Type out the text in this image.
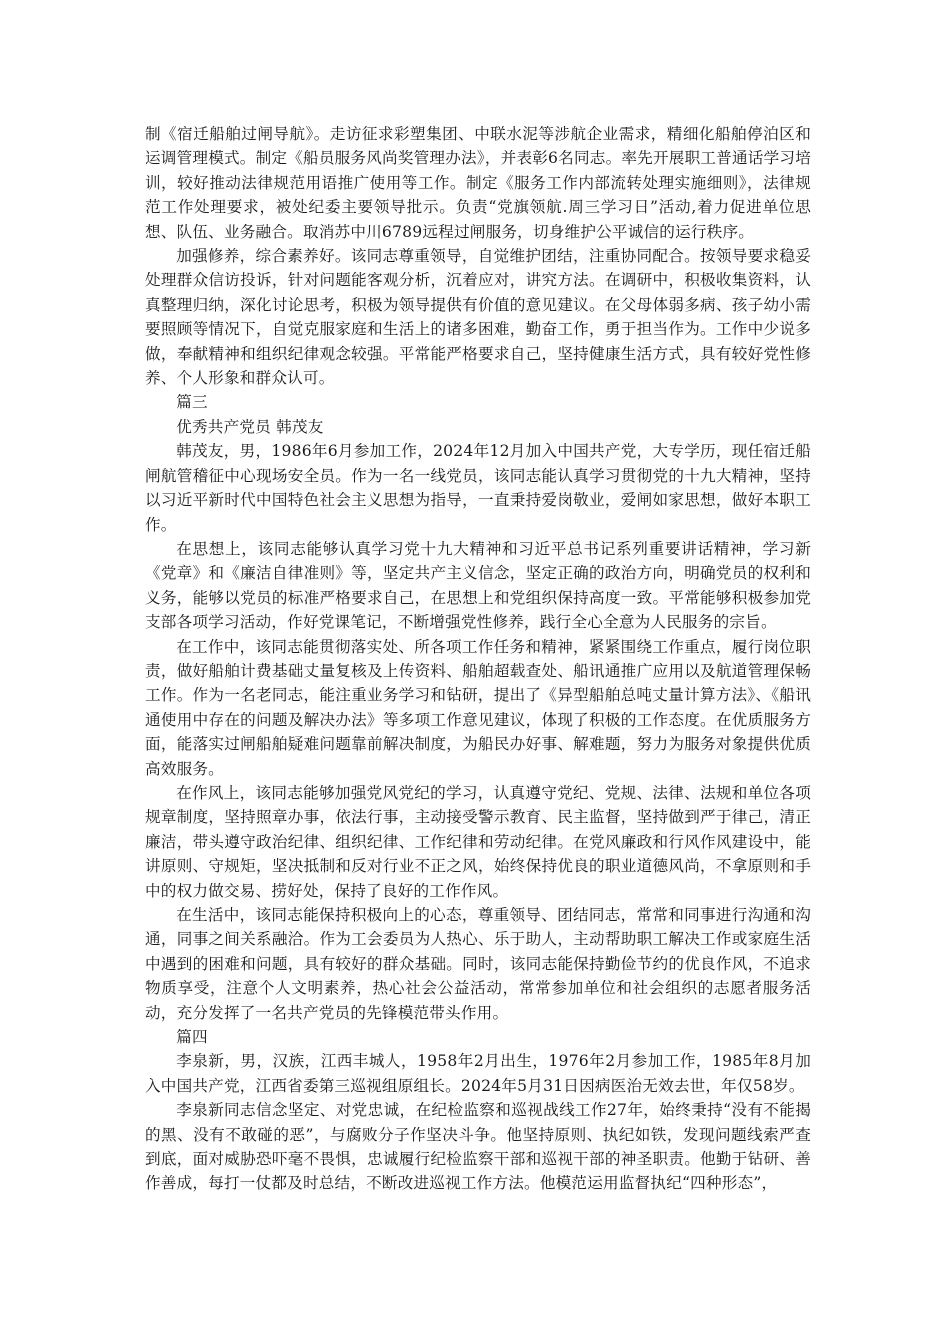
制《宿迁船舶过闸导航》。走访征求彩塑集团、中联水泥等涉航企业需求，精细化船舶停泊区和运调管理模式。制定《船员服务风尚奖管理办法》，并表彰6名同志。率先开展职工普通话学习培训，较好推动法律规范用语推广使用等工作。制定《服务工作内部流转处理实施细则》，法律规范工作处理要求，被处纪委主要领导批示。负责“党旗领航.周三学习日”活动,着力促进单位思想、队伍、业务融合。取消苏中川6789远程过闸服务，切身维护公平诚信的运行秩序。

加强修养，综合素养好。该同志尊重领导，自觉维护团结，注重协同配合。按领导要求稳妥处理群众信访投诉，针对问题能客观分析，沉着应对，讲究方法。在调研中，积极收集资料，认真整理归纳，深化讨论思考，积极为领导提供有价值的意见建议。在父母体弱多病、孩子幼小需要照顾等情况下，自觉克服家庭和生活上的诸多困难，勤奋工作，勇于担当作为。工作中少说多做，奉献精神和组织纪律观念较强。平常能严格要求自己，坚持健康生活方式，具有较好党性修养、个人形象和群众认可。

篇三

优秀共产党员 韩茂友

韩茂友，男，1986年6月参加工作，2024年12月加入中国共产党，大专学历，现任宿迁船闸航管稽征中心现场安全员。作为一名一线党员，该同志能认真学习贯彻党的十九大精神，坚持以习近平新时代中国特色社会主义思想为指导，一直秉持爱岗敬业，爱闸如家思想，做好本职工作。

在思想上，该同志能够认真学习党十九大精神和习近平总书记系列重要讲话精神，学习新《党章》和《廉洁自律准则》等，坚定共产主义信念，坚定正确的政治方向，明确党员的权利和义务，能够以党员的标准严格要求自己，在思想上和党组织保持高度一致。平常能够积极参加党支部各项学习活动，作好党课笔记，不断增强党性修养，践行全心全意为人民服务的宗旨。

在工作中，该同志能贯彻落实处、所各项工作任务和精神，紧紧围绕工作重点，履行岗位职责，做好船舶计费基础丈量复核及上传资料、船舶超载查处、船讯通推广应用以及航道管理保畅工作。作为一名老同志，能注重业务学习和钻研，提出了《异型船舶总吨丈量计算方法》、《船讯通使用中存在的问题及解决办法》等多项工作意见建议，体现了积极的工作态度。在优质服务方面，能落实过闸船舶疑难问题靠前解决制度，为船民办好事、解难题，努力为服务对象提供优质高效服务。

在作风上，该同志能够加强党风党纪的学习，认真遵守党纪、党规、法律、法规和单位各项规章制度，坚持照章办事，依法行事，主动接受警示教育、民主监督，坚持做到严于律己，清正廉洁，带头遵守政治纪律、组织纪律、工作纪律和劳动纪律。在党风廉政和行风作风建设中，能讲原则、守规矩，坚决抵制和反对行业不正之风，始终保持优良的职业道德风尚，不拿原则和手中的权力做交易、捞好处，保持了良好的工作作风。

在生活中，该同志能保持积极向上的心态，尊重领导、团结同志，常常和同事进行沟通和沟通，同事之间关系融洽。作为工会委员为人热心、乐于助人，主动帮助职工解决工作或家庭生活中遇到的困难和问题，具有较好的群众基础。同时，该同志能保持勤俭节约的优良作风，不追求物质享受，注意个人文明素养，热心社会公益活动，常常参加单位和社会组织的志愿者服务活动，充分发挥了一名共产党员的先锋模范带头作用。

篇四

李泉新，男，汉族，江西丰城人，1958年2月出生，1976年2月参加工作，1985年8月加入中国共产党，江西省委第三巡视组原组长。2024年5月31日因病医治无效去世，年仅58岁。

李泉新同志信念坚定、对党忠诚，在纪检监察和巡视战线工作27年，始终秉持“没有不能揭的黑、没有不敢碰的恶”，与腐败分子作坚决斗争。他坚持原则、执纪如铁，发现问题线索严查到底，面对威胁恐吓毫不畏惧，忠诚履行纪检监察干部和巡视干部的神圣职责。他勤于钻研、善作善成，每打一仗都及时总结，不断改进巡视工作方法。他模范运用监督执纪“四种形态”，
